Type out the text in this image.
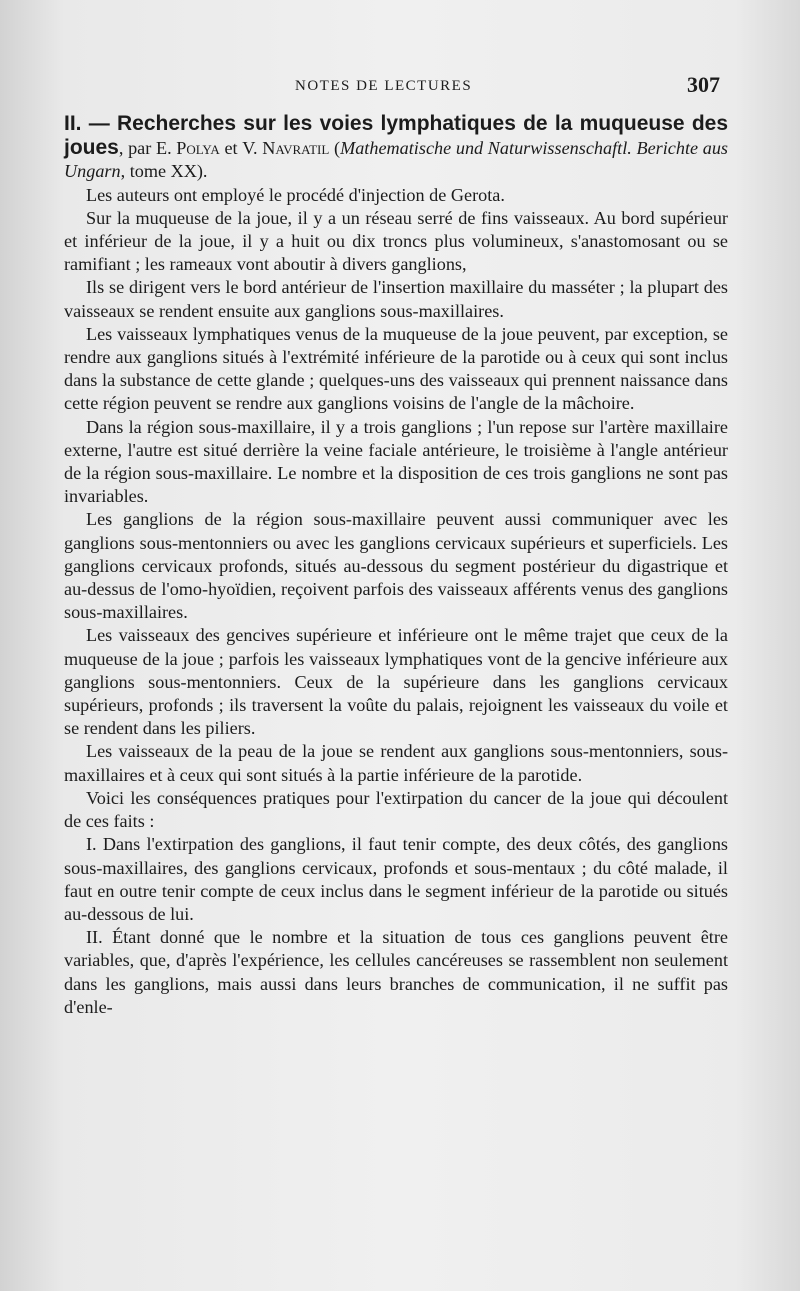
NOTES DE LECTURES	307

II. — Recherches sur les voies lymphatiques de la muqueuse des joues, par E. Polya et V. Navratil (Mathematische und Naturwissenschaftl. Berichte aus Ungarn, tome XX).

Les auteurs ont employé le procédé d'injection de Gerota.

Sur la muqueuse de la joue, il y a un réseau serré de fins vaisseaux. Au bord supérieur et inférieur de la joue, il y a huit ou dix troncs plus volumineux, s'anastomosant ou se ramifiant ; les rameaux vont aboutir à divers ganglions,

Ils se dirigent vers le bord antérieur de l'insertion maxillaire du masséter ; la plupart des vaisseaux se rendent ensuite aux ganglions sous-maxillaires.

Les vaisseaux lymphatiques venus de la muqueuse de la joue peuvent, par exception, se rendre aux ganglions situés à l'extrémité inférieure de la parotide ou à ceux qui sont inclus dans la substance de cette glande ; quelques-uns des vaisseaux qui prennent naissance dans cette région peuvent se rendre aux ganglions voisins de l'angle de la mâchoire.

Dans la région sous-maxillaire, il y a trois ganglions ; l'un repose sur l'artère maxillaire externe, l'autre est situé derrière la veine faciale antérieure, le troisième à l'angle antérieur de la région sous-maxillaire. Le nombre et la disposition de ces trois ganglions ne sont pas invariables.

Les ganglions de la région sous-maxillaire peuvent aussi communiquer avec les ganglions sous-mentonniers ou avec les ganglions cervicaux supérieurs et superficiels. Les ganglions cervicaux profonds, situés au-dessous du segment postérieur du digastrique et au-dessus de l'omo-hyoïdien, reçoivent parfois des vaisseaux afférents venus des ganglions sous-maxillaires.

Les vaisseaux des gencives supérieure et inférieure ont le même trajet que ceux de la muqueuse de la joue ; parfois les vaisseaux lymphatiques vont de la gencive inférieure aux ganglions sous-mentonniers. Ceux de la supérieure dans les ganglions cervicaux supérieurs, profonds ; ils traversent la voûte du palais, rejoignent les vaisseaux du voile et se rendent dans les piliers.

Les vaisseaux de la peau de la joue se rendent aux ganglions sous-mentonniers, sous-maxillaires et à ceux qui sont situés à la partie inférieure de la parotide.

Voici les conséquences pratiques pour l'extirpation du cancer de la joue qui découlent de ces faits :

I. Dans l'extirpation des ganglions, il faut tenir compte, des deux côtés, des ganglions sous-maxillaires, des ganglions cervicaux, profonds et sous-mentaux ; du côté malade, il faut en outre tenir compte de ceux inclus dans le segment inférieur de la parotide ou situés au-dessous de lui.

II. Étant donné que le nombre et la situation de tous ces ganglions peuvent être variables, que, d'après l'expérience, les cellules cancéreuses se rassemblent non seulement dans les ganglions, mais aussi dans leurs branches de communication, il ne suffit pas d'enle-
